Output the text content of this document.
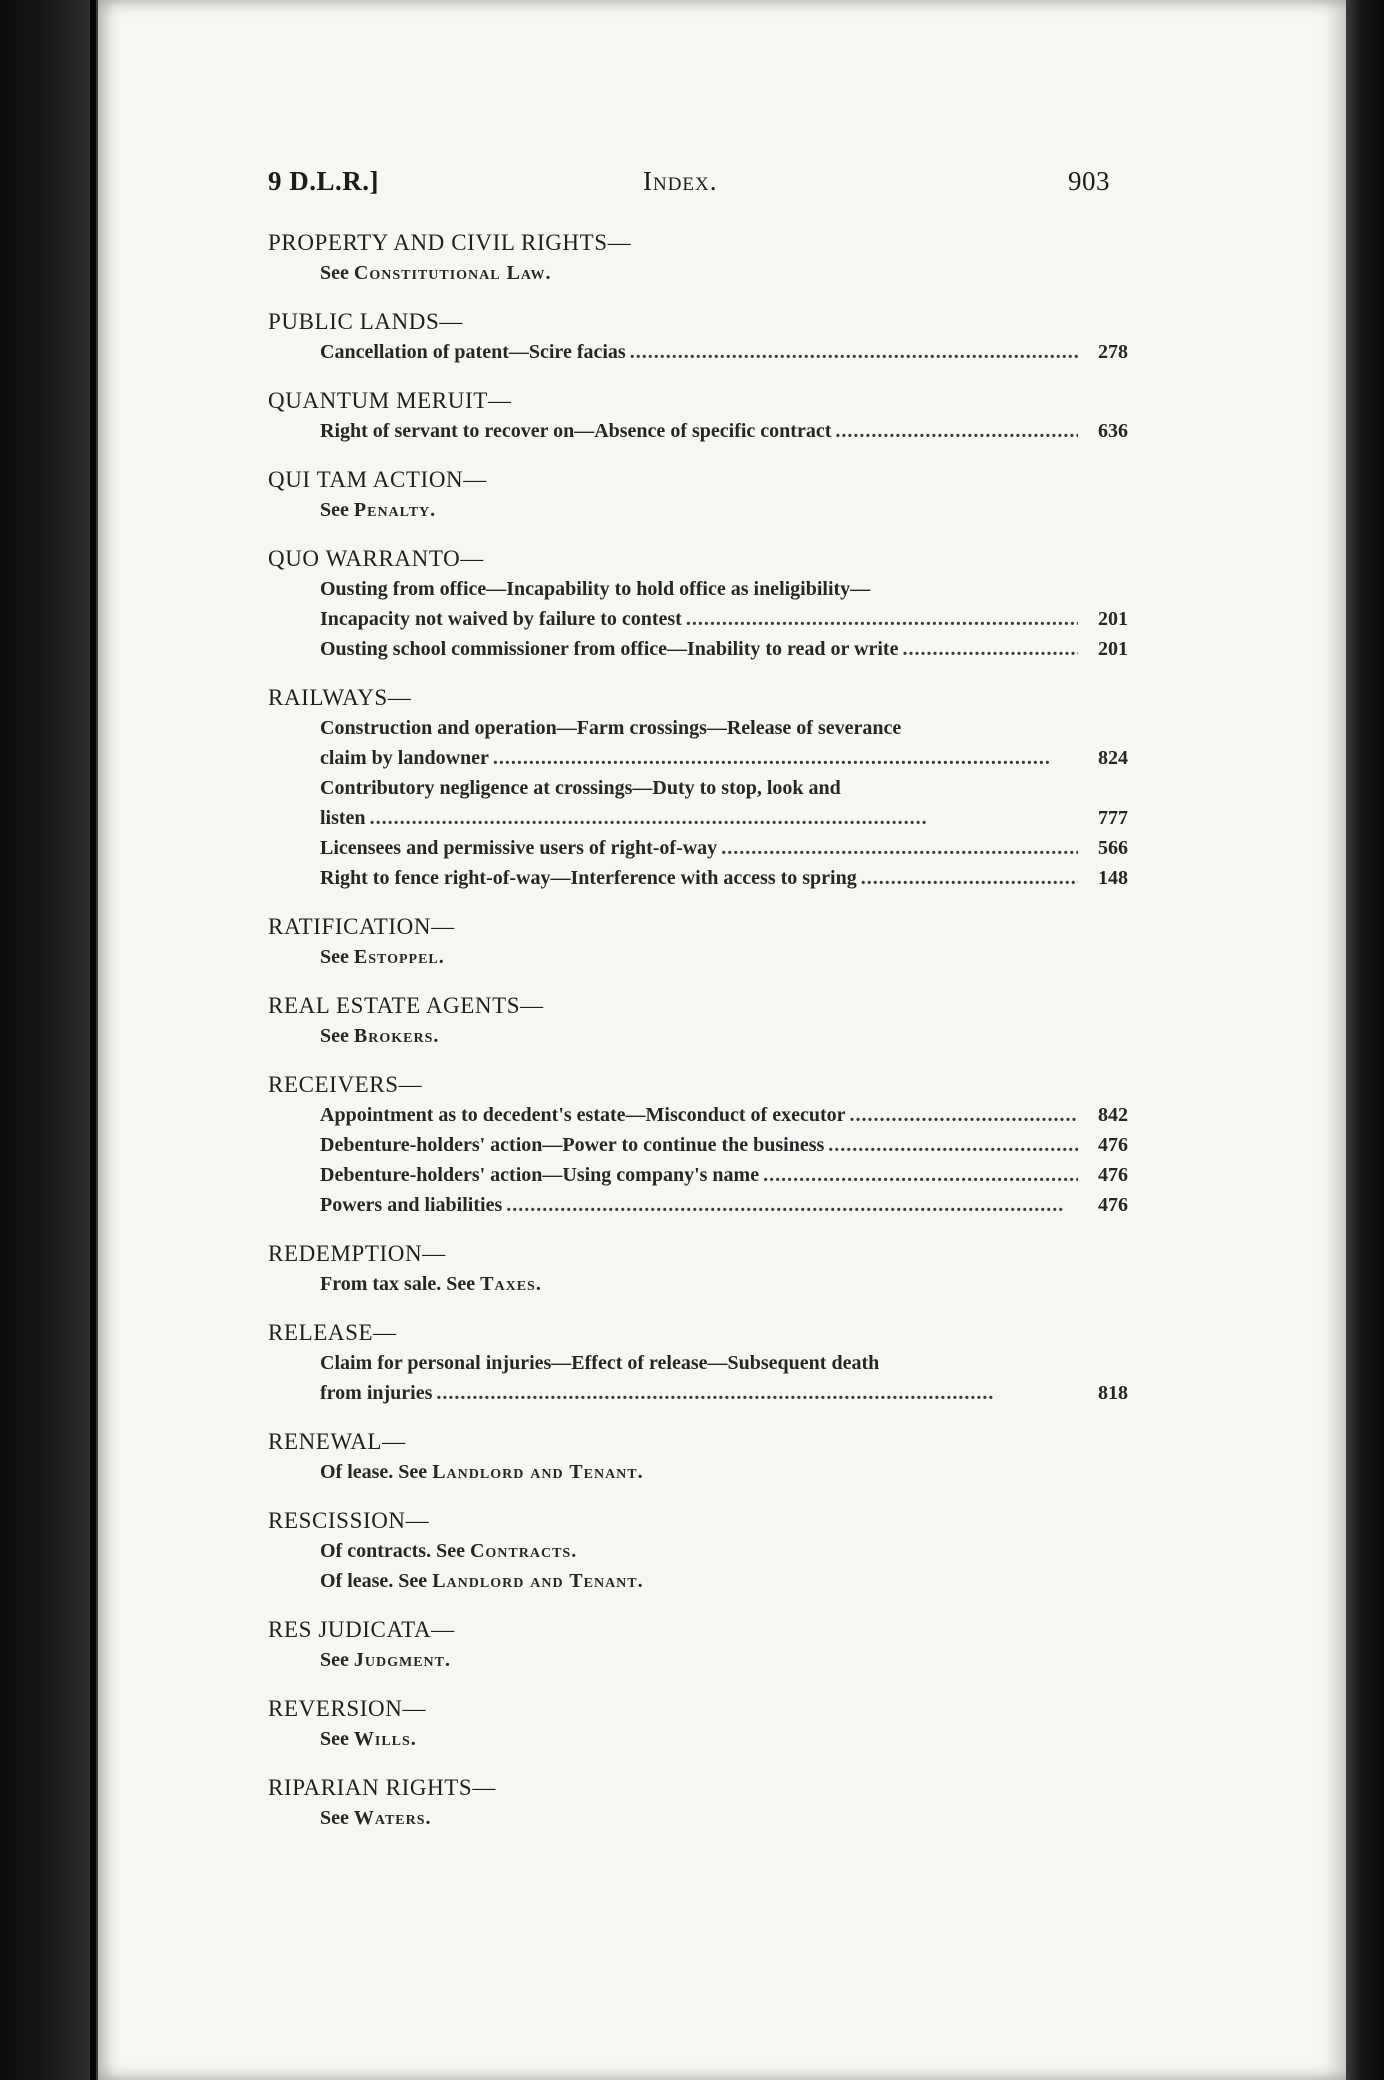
9 D.L.R.]	Index.	903
PROPERTY AND CIVIL RIGHTS—
See Constitutional Law.
PUBLIC LANDS—
Cancellation of patent—Scire facias . . .	278
QUANTUM MERUIT—
Right of servant to recover on—Absence of specific contract . . .	636
QUI TAM ACTION—
See Penalty.
QUO WARRANTO—
Ousting from office—Incapability to hold office as ineligibility—
Incapacity not waived by failure to contest . . .	201
Ousting school commissioner from office—Inability to read or write . . .	201
RAILWAYS—
Construction and operation—Farm crossings—Release of severance
claim by landowner . . .	824
Contributory negligence at crossings—Duty to stop, look and
listen . . .	777
Licensees and permissive users of right-of-way . . .	566
Right to fence right-of-way—Interference with access to spring . . .	148
RATIFICATION—
See Estoppel.
REAL ESTATE AGENTS—
See Brokers.
RECEIVERS—
Appointment as to decedent's estate—Misconduct of executor . . .	842
Debenture-holders' action—Power to continue the business . . .	476
Debenture-holders' action—Using company's name . . .	476
Powers and liabilities . . .	476
REDEMPTION—
From tax sale. See Taxes.
RELEASE—
Claim for personal injuries—Effect of release—Subsequent death
from injuries . . .	818
RENEWAL—
Of lease. See Landlord and Tenant.
RESCISSION—
Of contracts. See Contracts.
Of lease. See Landlord and Tenant.
RES JUDICATA—
See Judgment.
REVERSION—
See Wills.
RIPARIAN RIGHTS—
See Waters.
